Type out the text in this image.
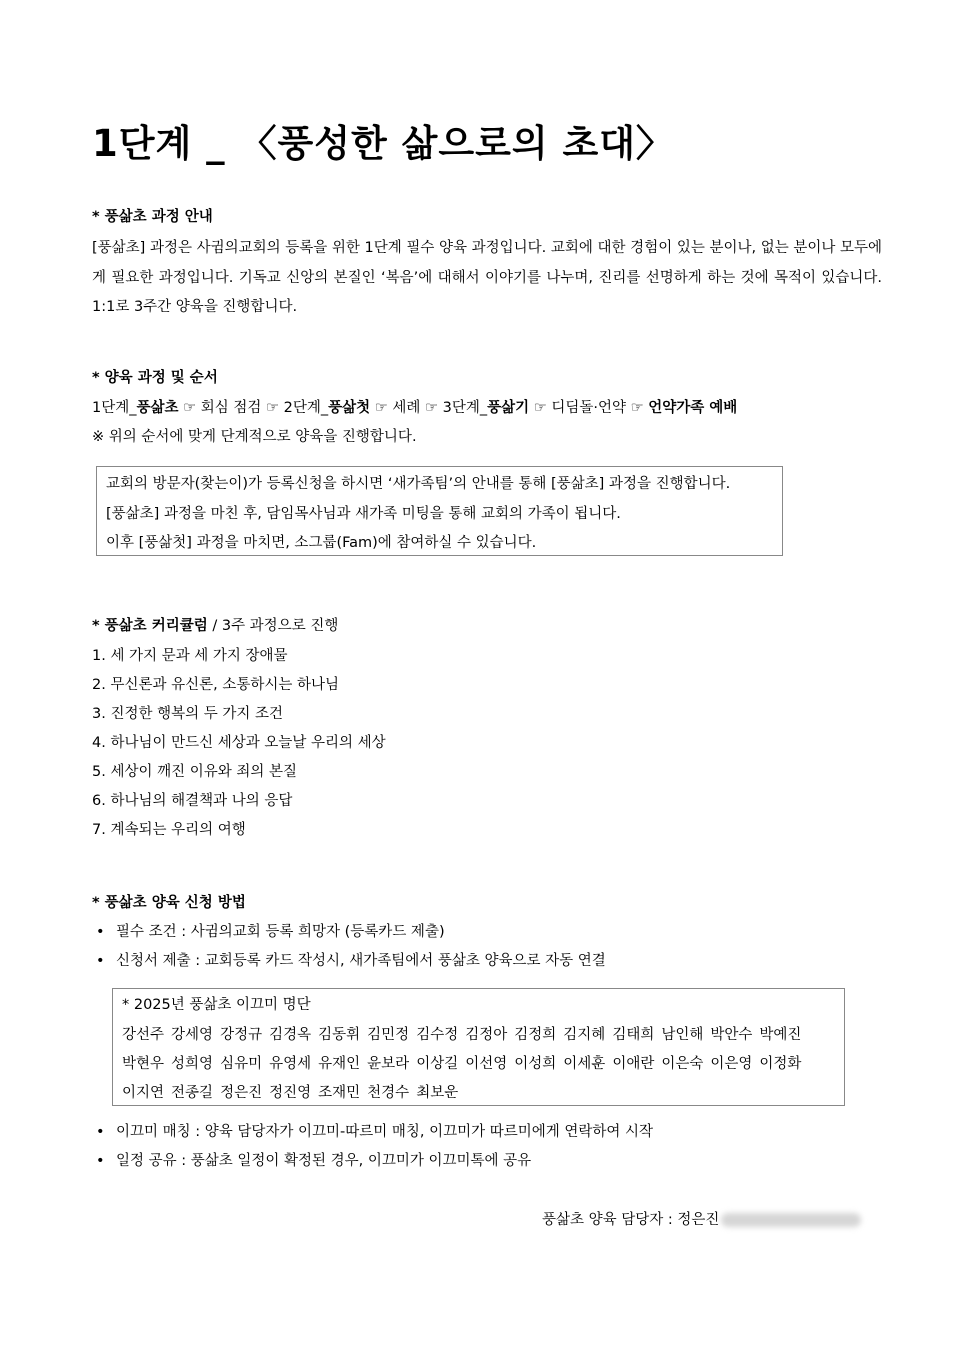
1단계 _ 〈풍성한 삶으로의 초대〉
* 풍삶초 과정 안내
[풍삶초] 과정은 사귐의교회의 등록을 위한 1단계 필수 양육 과정입니다. 교회에 대한 경험이 있는 분이나, 없는 분이나 모두에게 필요한 과정입니다. 기독교 신앙의 본질인 ‘복음’에 대해서 이야기를 나누며, 진리를 선명하게 하는 것에 목적이 있습니다. 1:1로 3주간 양육을 진행합니다.
* 양육 과정 및 순서
1단계_풍삶초 ☞ 회심 점검 ☞ 2단계_풍삶첫 ☞ 세례 ☞ 3단계_풍삶기 ☞ 디딤돌·언약 ☞ 언약가족 예배
※ 위의 순서에 맞게 단계적으로 양육을 진행합니다.
교회의 방문자(찾는이)가 등록신청을 하시면 ‘새가족팀’의 안내를 통해 [풍삶초] 과정을 진행합니다.
[풍삶초] 과정을 마친 후, 담임목사님과 새가족 미팅을 통해 교회의 가족이 됩니다.
이후 [풍삶첫] 과정을 마치면, 소그룹(Fam)에 참여하실 수 있습니다.
* 풍삶초 커리큘럼 / 3주 과정으로 진행
1. 세 가지 문과 세 가지 장애물
2. 무신론과 유신론, 소통하시는 하나님
3. 진정한 행복의 두 가지 조건
4. 하나님이 만드신 세상과 오늘날 우리의 세상
5. 세상이 깨진 이유와 죄의 본질
6. 하나님의 해결책과 나의 응답
7. 계속되는 우리의 여행
* 풍삶초 양육 신청 방법
• 필수 조건 : 사귐의교회 등록 희망자 (등록카드 제출)
• 신청서 제출 : 교회등록 카드 작성시, 새가족팀에서 풍삶초 양육으로 자동 연결
* 2025년 풍삶초 이끄미 명단
강선주 강세영 강정규 김경옥 김동휘 김민정 김수정 김정아 김정희 김지혜 김태희 남인해 박안수 박예진
박현우 성희영 심유미 유영세 유재인 윤보라 이상길 이선영 이성희 이세훈 이애란 이은숙 이은영 이정화
이지연 전종길 정은진 정진영 조재민 천경수 최보운
• 이끄미 매칭 : 양육 담당자가 이끄미-따르미 매칭, 이끄미가 따르미에게 연락하여 시작
• 일정 공유 : 풍삶초 일정이 확정된 경우, 이끄미가 이끄미톡에 공유
풍삶초 양육 담당자 : 정은진
